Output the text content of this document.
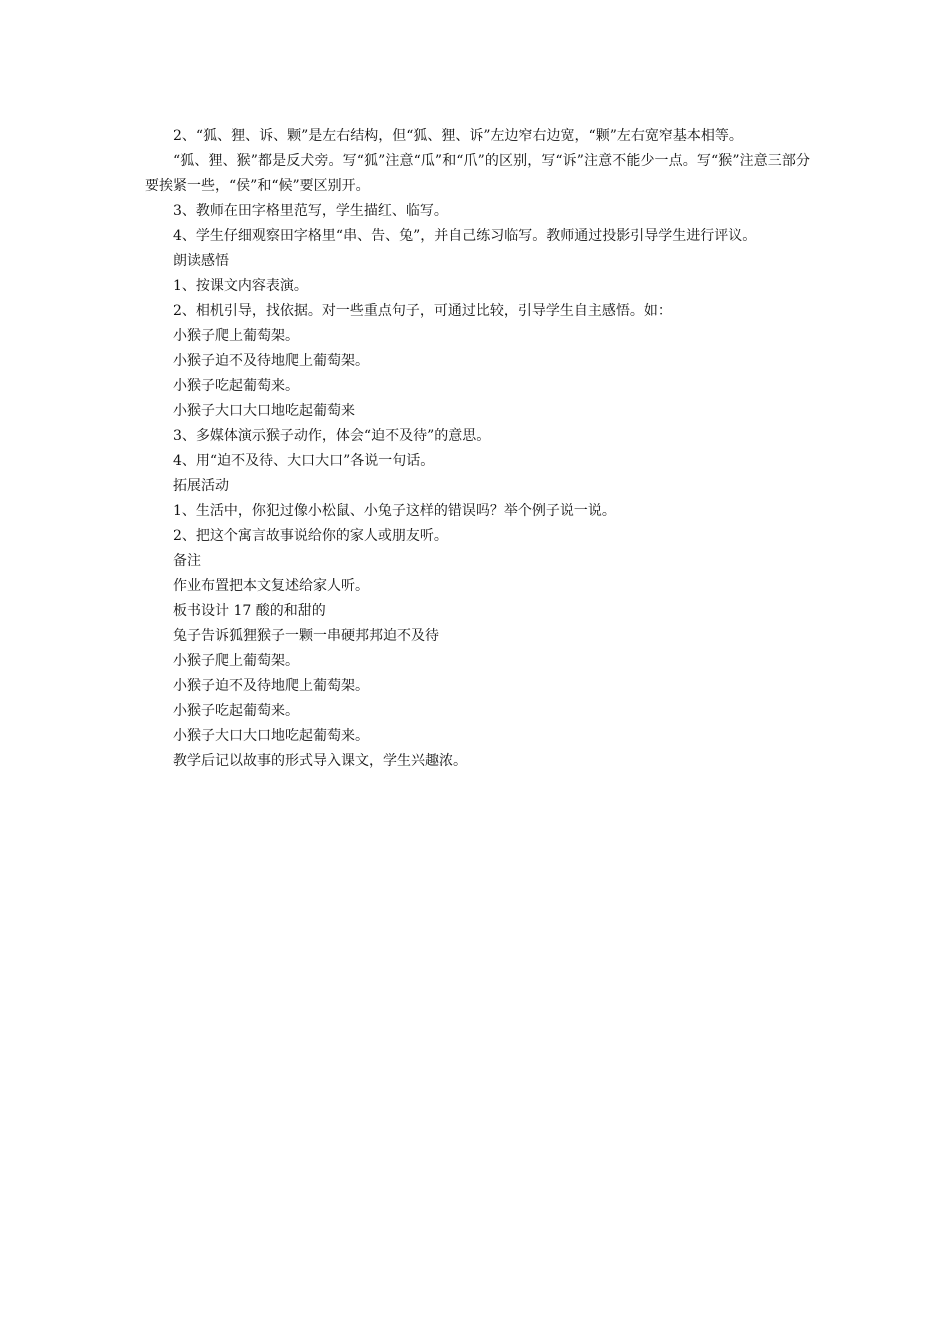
2、“狐、狸、诉、颗”是左右结构，但“狐、狸、诉”左边窄右边宽，“颗”左右宽窄基本相等。

“狐、狸、猴”都是反犬旁。写“狐”注意“瓜”和“爪”的区别，写“诉”注意不能少一点。写“猴”注意三部分要挨紧一些，“侯”和“候”要区别开。

3、教师在田字格里范写，学生描红、临写。

4、学生仔细观察田字格里“串、告、兔”，并自己练习临写。教师通过投影引导学生进行评议。

朗读感悟

1、按课文内容表演。

2、相机引导，找依据。对一些重点句子，可通过比较，引导学生自主感悟。如：

小猴子爬上葡萄架。

小猴子迫不及待地爬上葡萄架。

小猴子吃起葡萄来。

小猴子大口大口地吃起葡萄来

3、多媒体演示猴子动作，体会“迫不及待”的意思。

4、用“迫不及待、大口大口”各说一句话。

拓展活动

1、生活中，你犯过像小松鼠、小兔子这样的错误吗？举个例子说一说。

2、把这个寓言故事说给你的家人或朋友听。

备注

作业布置把本文复述给家人听。

板书设计 17 酸的和甜的

兔子告诉狐狸猴子一颗一串硬邦邦迫不及待

小猴子爬上葡萄架。

小猴子迫不及待地爬上葡萄架。

小猴子吃起葡萄来。

小猴子大口大口地吃起葡萄来。

教学后记以故事的形式导入课文，学生兴趣浓。
